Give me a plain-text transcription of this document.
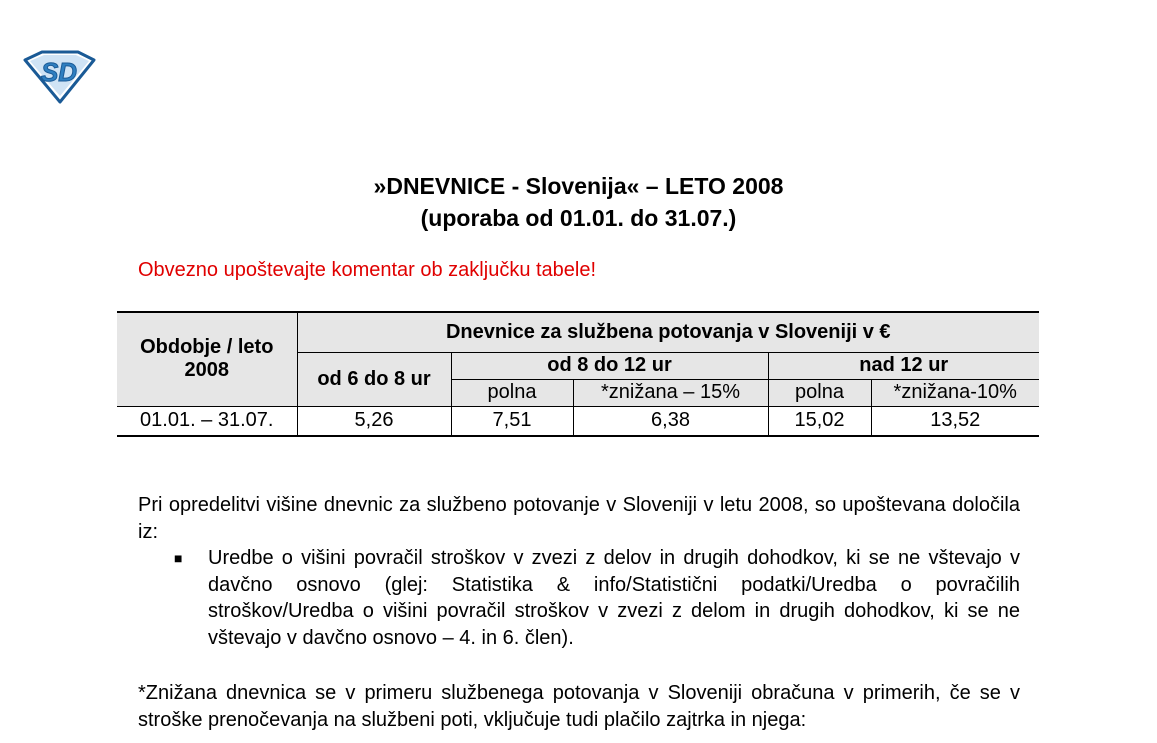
SD
»DNEVNICE - Slovenija« – LETO 2008
(uporaba od 01.01. do 31.07.)
Obvezno upoštevajte komentar ob zaključku tabele!
Obdobje / leto 2008	Dnevnice za službena potovanja v Sloveniji v €				
	od 6 do 8 ur	od 8 do 12 ur		nad 12 ur	
		polna	*znižana – 15%	polna	*znižana-10%
01.01. – 31.07.	5,26	7,51	6,38	15,02	13,52
Pri opredelitvi višine dnevnic za službeno potovanje v Sloveniji v letu 2008, so upoštevana določila iz:
■ Uredbe o višini povračil stroškov v zvezi z delov in drugih dohodkov, ki se ne vštevajo v davčno osnovo (glej: Statistika & info/Statistični podatki/Uredba o povračilih stroškov/Uredba o višini povračil stroškov v zvezi z delom in drugih dohodkov, ki se ne vštevajo v davčno osnovo – 4. in 6. člen).
*Znižana dnevnica se v primeru službenega potovanja v Sloveniji obračuna v primerih, če se v stroške prenočevanja na službeni poti, vključuje tudi plačilo zajtrka in njega:
